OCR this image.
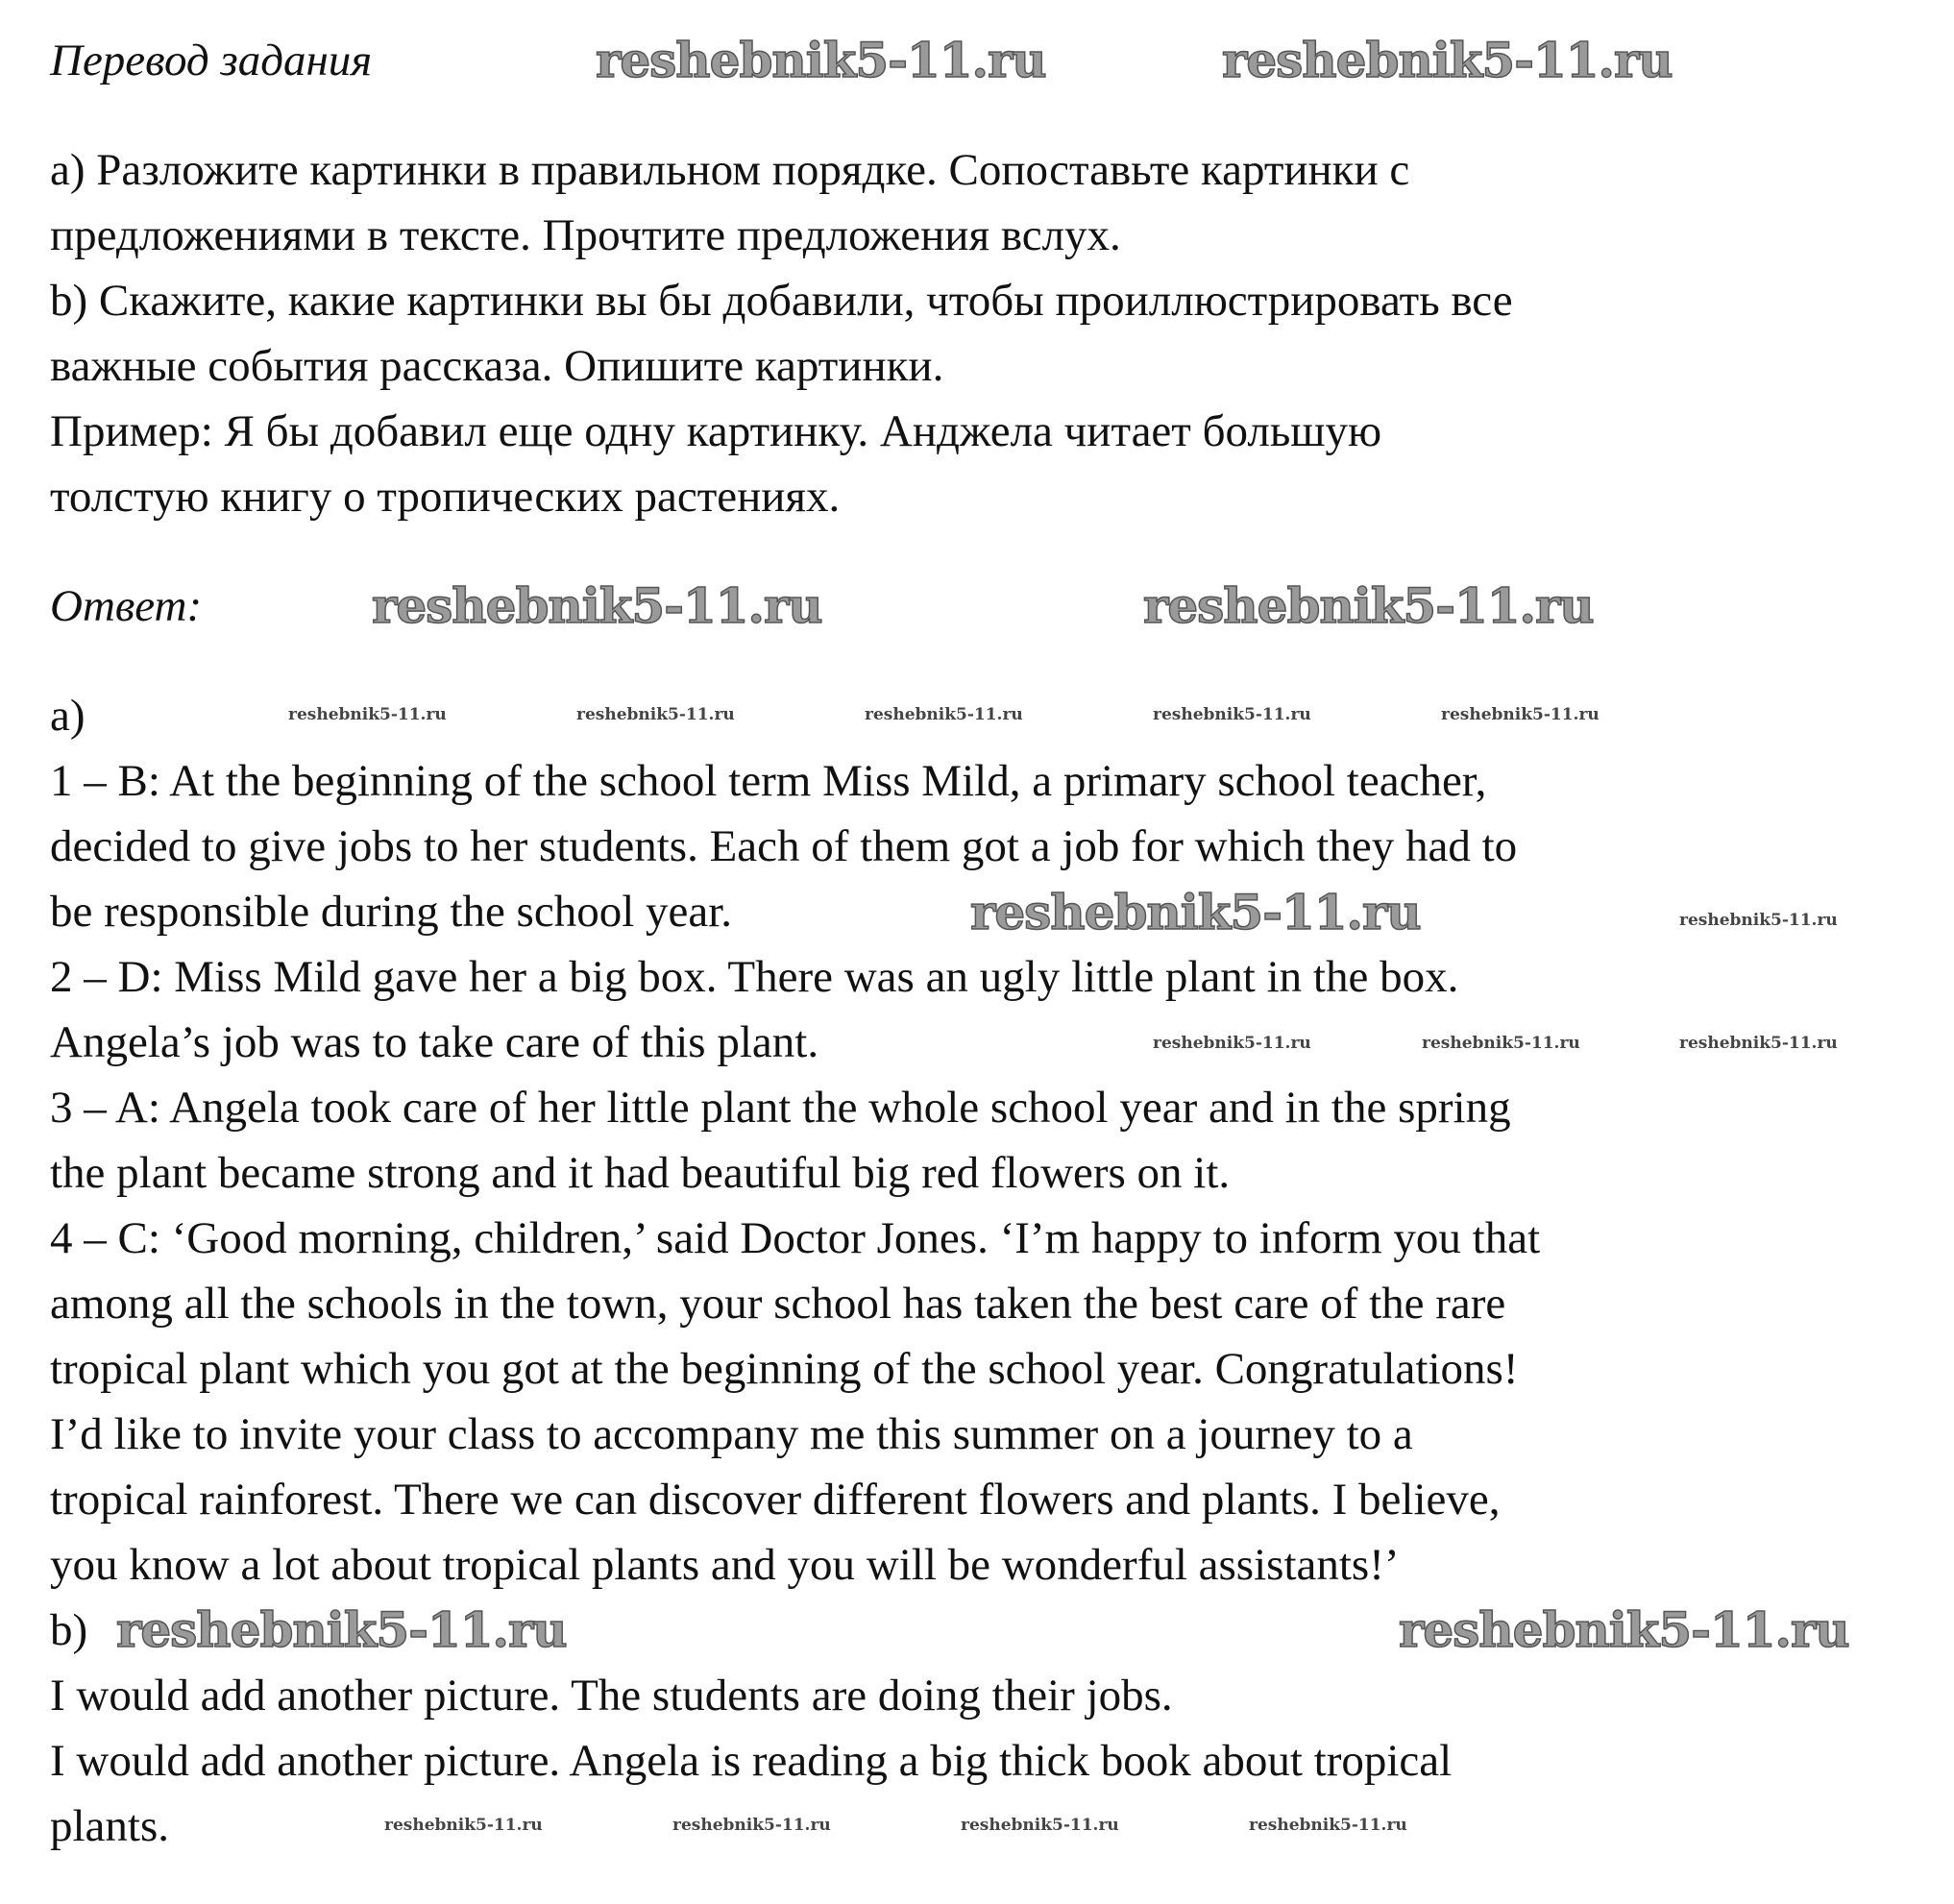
Перевод задания
а) Разложите картинки в правильном порядке. Сопоставьте картинки с
предложениями в тексте. Прочтите предложения вслух.
b) Скажите, какие картинки вы бы добавили, чтобы проиллюстрировать все
важные события рассказа. Опишите картинки.
Пример: Я бы добавил еще одну картинку. Анджела читает большую
толстую книгу о тропических растениях.
Ответ:
a)
1 – B: At the beginning of the school term Miss Mild, a primary school teacher,
decided to give jobs to her students. Each of them got a job for which they had to
be responsible during the school year.
2 – D: Miss Mild gave her a big box. There was an ugly little plant in the box.
Angela’s job was to take care of this plant.
3 – A: Angela took care of her little plant the whole school year and in the spring
the plant became strong and it had beautiful big red flowers on it.
4 – C: ‘Good morning, children,’ said Doctor Jones. ‘I’m happy to inform you that
among all the schools in the town, your school has taken the best care of the rare
tropical plant which you got at the beginning of the school year. Congratulations!
I’d like to invite your class to accompany me this summer on a journey to a
tropical rainforest. There we can discover different flowers and plants. I believe,
you know a lot about tropical plants and you will be wonderful assistants!’
b)
I would add another picture. The students are doing their jobs.
I would add another picture. Angela is reading a big thick book about tropical
plants.
reshebnik5-11.ru	reshebnik5-11.ru
reshebnik5-11.ru	reshebnik5-11.ru
reshebnik5-11.ru
reshebnik5-11.ru	reshebnik5-11.ru
reshebnik5-11.ru
reshebnik5-11.ru
reshebnik5-11.ru
reshebnik5-11.ru	reshebnik5-11.ru
reshebnik5-11.ru	reshebnik5-11.ru	reshebnik5-11.ru	reshebnik5-11.ru	reshebnik5-11.ru
reshebnik5-11.ru	reshebnik5-11.ru	reshebnik5-11.ru
